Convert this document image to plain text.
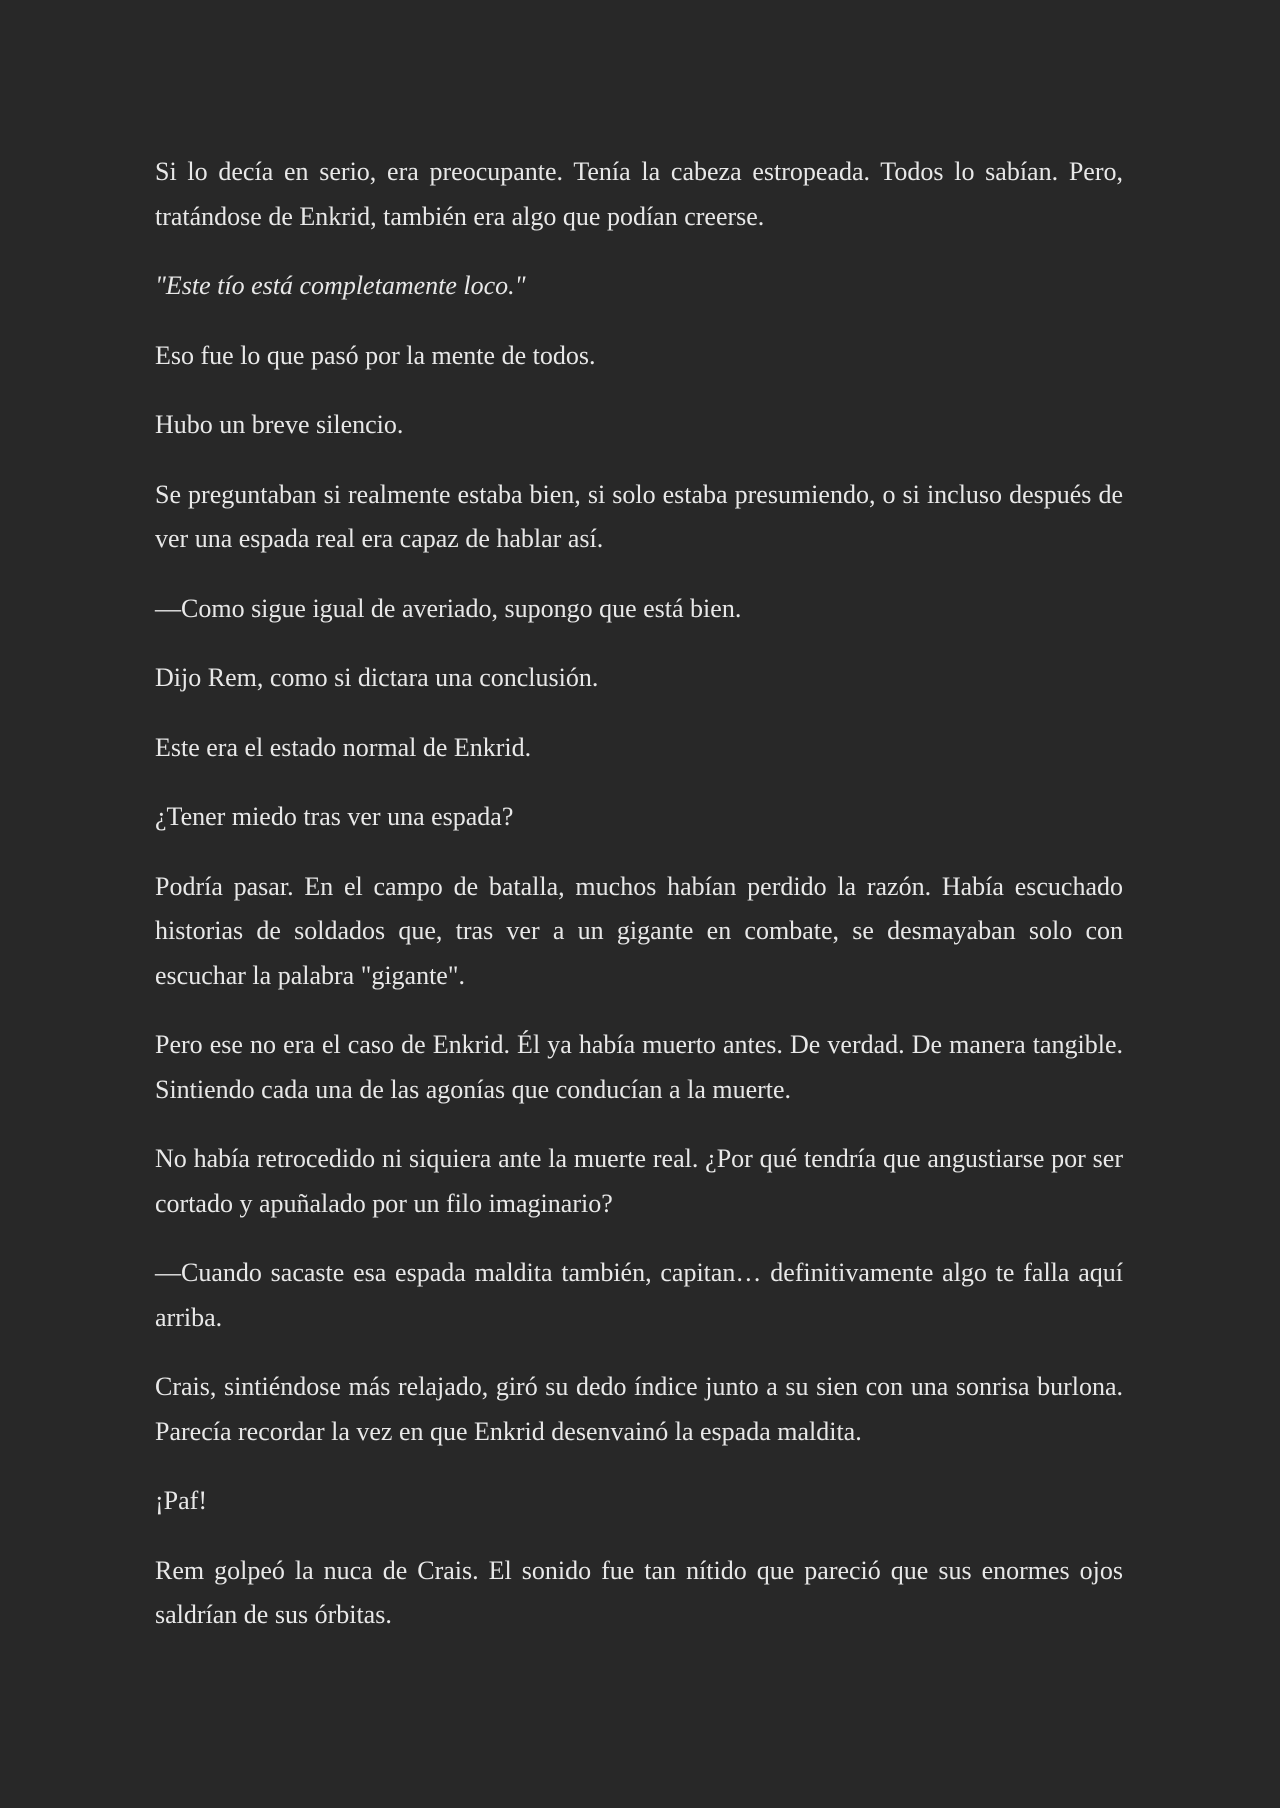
Si lo decía en serio, era preocupante. Tenía la cabeza estropeada. Todos lo sabían. Pero, tratándose de Enkrid, también era algo que podían creerse.

"Este tío está completamente loco."

Eso fue lo que pasó por la mente de todos.

Hubo un breve silencio.

Se preguntaban si realmente estaba bien, si solo estaba presumiendo, o si incluso después de ver una espada real era capaz de hablar así.

—Como sigue igual de averiado, supongo que está bien.

Dijo Rem, como si dictara una conclusión.

Este era el estado normal de Enkrid.

¿Tener miedo tras ver una espada?

Podría pasar. En el campo de batalla, muchos habían perdido la razón. Había escuchado historias de soldados que, tras ver a un gigante en combate, se desmayaban solo con escuchar la palabra "gigante".

Pero ese no era el caso de Enkrid. Él ya había muerto antes. De verdad. De manera tangible. Sintiendo cada una de las agonías que conducían a la muerte.

No había retrocedido ni siquiera ante la muerte real. ¿Por qué tendría que angustiarse por ser cortado y apuñalado por un filo imaginario?

—Cuando sacaste esa espada maldita también, capitan… definitivamente algo te falla aquí arriba.

Crais, sintiéndose más relajado, giró su dedo índice junto a su sien con una sonrisa burlona. Parecía recordar la vez en que Enkrid desenvainó la espada maldita.

¡Paf!

Rem golpeó la nuca de Crais. El sonido fue tan nítido que pareció que sus enormes ojos saldrían de sus órbitas.
